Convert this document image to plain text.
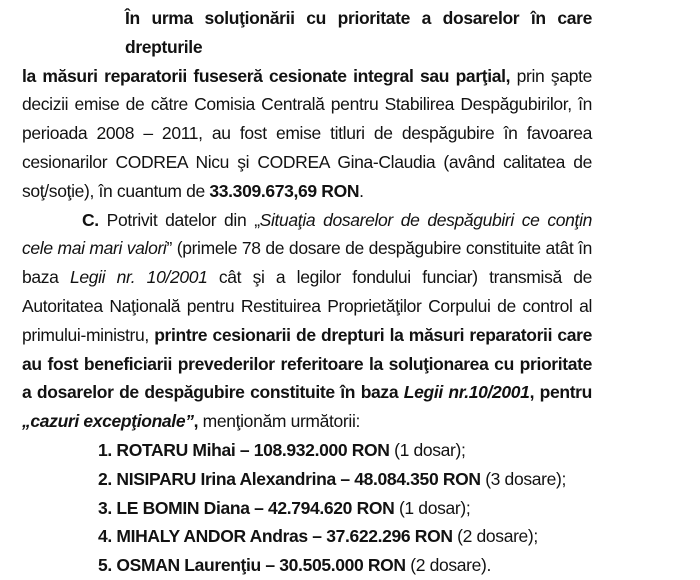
În urma soluţionării cu prioritate a dosarelor în care drepturile
la măsuri reparatorii fuseseră cesionate integral sau parţial, prin şapte
decizii emise de către Comisia Centrală pentru Stabilirea Despăgubirilor, în
perioada 2008 – 2011, au fost emise titluri de despăgubire în favoarea
cesionarilor CODREA Nicu şi CODREA Gina-Claudia (având calitatea de
soţ/soţie), în cuantum de 33.309.673,69 RON.
C. Potrivit datelor din „Situaţia dosarelor de despăgubiri ce conţin
cele mai mari valori” (primele 78 de dosare de despăgubire constituite atât în
baza Legii nr. 10/2001 cât şi a legilor fondului funciar) transmisă de
Autoritatea Naţională pentru Restituirea Proprietăţilor Corpului de control al
primului-ministru, printre cesionarii de drepturi la măsuri reparatorii care
au fost beneficiarii prevederilor referitoare la soluţionarea cu prioritate
a dosarelor de despăgubire constituite în baza Legii nr.10/2001, pentru
„cazuri excepţionale”, menţionăm următorii:
1. ROTARU Mihai – 108.932.000 RON (1 dosar);
2. NISIPARU Irina Alexandrina – 48.084.350 RON (3 dosare);
3. LE BOMIN Diana – 42.794.620 RON (1 dosar);
4. MIHALY ANDOR Andras – 37.622.296 RON (2 dosare);
5. OSMAN Laurenţiu – 30.505.000 RON (2 dosare).
